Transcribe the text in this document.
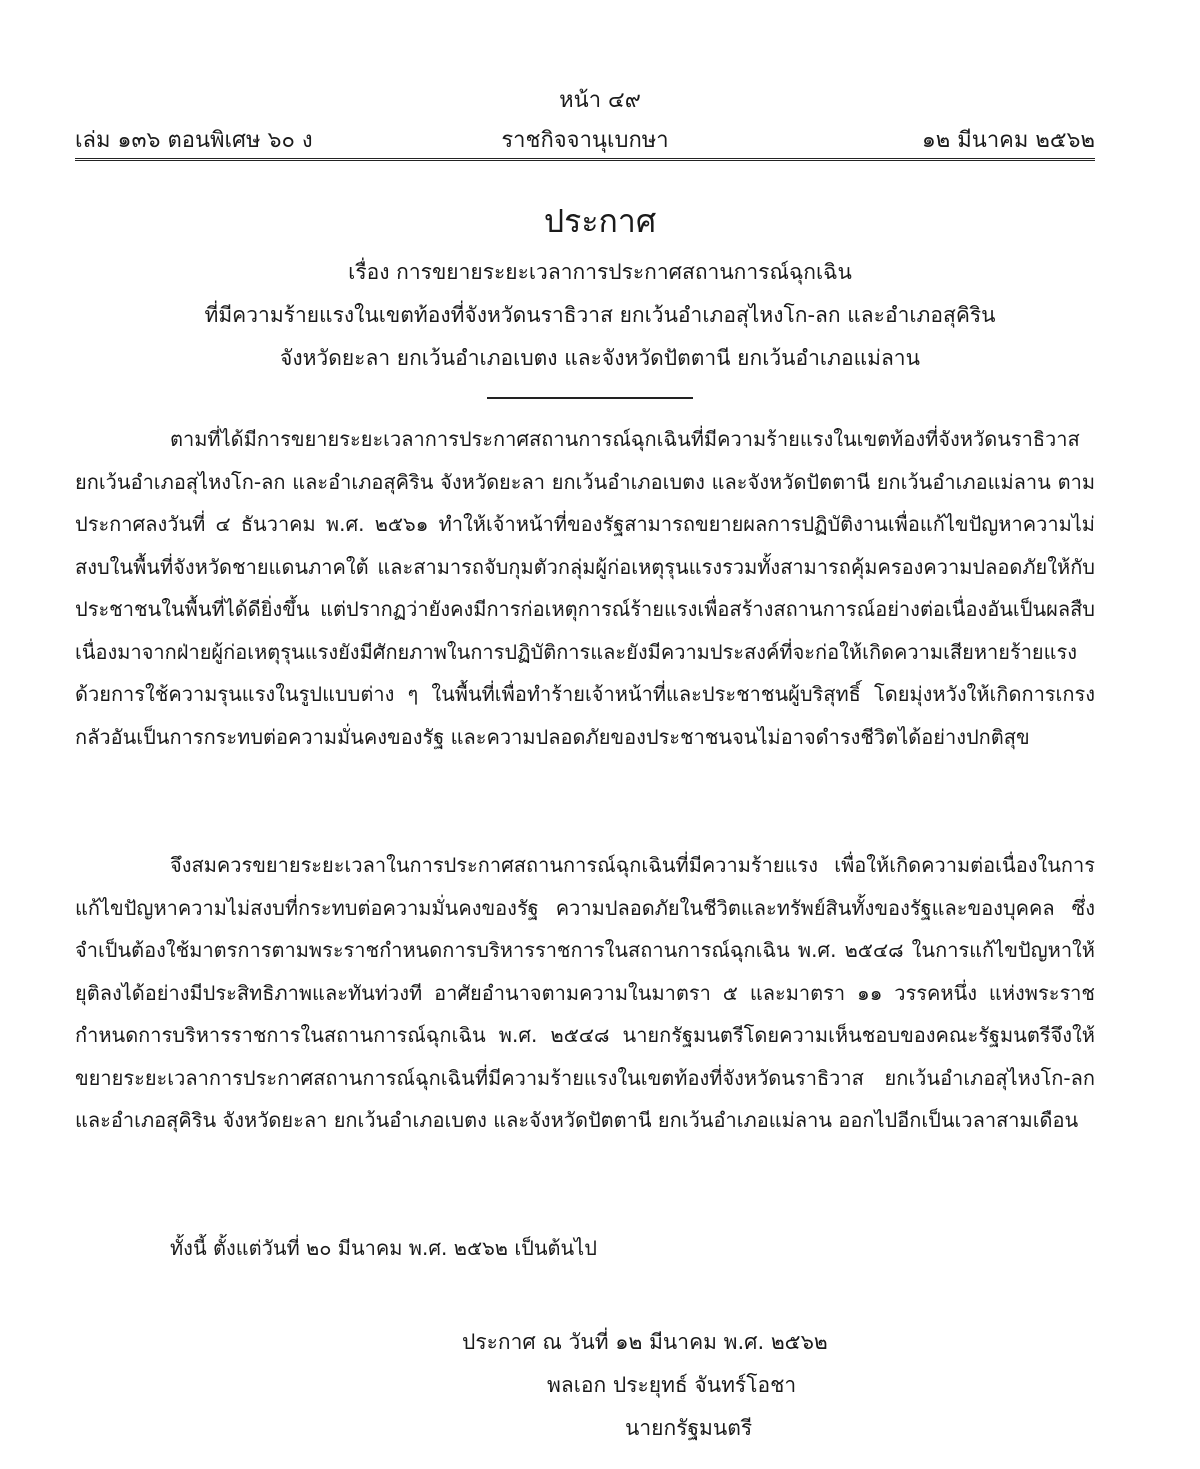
หน้า ๔๙
เล่ม ๑๓๖ ตอนพิเศษ ๖๐ ง	ราชกิจจานุเบกษา	๑๒ มีนาคม ๒๕๖๒
ประกาศ
เรื่อง การขยายระยะเวลาการประกาศสถานการณ์ฉุกเฉิน
ที่มีความร้ายแรงในเขตท้องที่จังหวัดนราธิวาส ยกเว้นอำเภอสุไหงโก-ลก และอำเภอสุคิริน
จังหวัดยะลา ยกเว้นอำเภอเบตง และจังหวัดปัตตานี ยกเว้นอำเภอแม่ลาน

ตามที่ได้มีการขยายระยะเวลาการประกาศสถานการณ์ฉุกเฉินที่มีความร้ายแรงในเขตท้องที่จังหวัดนราธิวาส ยกเว้นอำเภอสุไหงโก-ลก และอำเภอสุคิริน จังหวัดยะลา ยกเว้นอำเภอเบตง และจังหวัดปัตตานี ยกเว้นอำเภอแม่ลาน ตามประกาศลงวันที่ ๔ ธันวาคม พ.ศ. ๒๕๖๑ ทำให้เจ้าหน้าที่ของรัฐสามารถขยายผลการปฏิบัติงานเพื่อแก้ไขปัญหาความไม่สงบในพื้นที่จังหวัดชายแดนภาคใต้ และสามารถจับกุมตัวกลุ่มผู้ก่อเหตุรุนแรงรวมทั้งสามารถคุ้มครองความปลอดภัยให้กับประชาชนในพื้นที่ได้ดียิ่งขึ้น แต่ปรากฏว่ายังคงมีการก่อเหตุการณ์ร้ายแรงเพื่อสร้างสถานการณ์อย่างต่อเนื่องอันเป็นผลสืบเนื่องมาจากฝ่ายผู้ก่อเหตุรุนแรงยังมีศักยภาพในการปฏิบัติการและยังมีความประสงค์ที่จะก่อให้เกิดความเสียหายร้ายแรงด้วยการใช้ความรุนแรงในรูปแบบต่าง ๆ ในพื้นที่เพื่อทำร้ายเจ้าหน้าที่และประชาชนผู้บริสุทธิ์ โดยมุ่งหวังให้เกิดการเกรงกลัวอันเป็นการกระทบต่อความมั่นคงของรัฐ และความปลอดภัยของประชาชนจนไม่อาจดำรงชีวิตได้อย่างปกติสุข

จึงสมควรขยายระยะเวลาในการประกาศสถานการณ์ฉุกเฉินที่มีความร้ายแรง เพื่อให้เกิดความต่อเนื่องในการแก้ไขปัญหาความไม่สงบที่กระทบต่อความมั่นคงของรัฐ ความปลอดภัยในชีวิตและทรัพย์สินทั้งของรัฐและของบุคคล ซึ่งจำเป็นต้องใช้มาตรการตามพระราชกำหนดการบริหารราชการในสถานการณ์ฉุกเฉิน พ.ศ. ๒๕๔๘ ในการแก้ไขปัญหาให้ยุติลงได้อย่างมีประสิทธิภาพและทันท่วงที อาศัยอำนาจตามความในมาตรา ๕ และมาตรา ๑๑ วรรคหนึ่ง แห่งพระราชกำหนดการบริหารราชการในสถานการณ์ฉุกเฉิน พ.ศ. ๒๕๔๘ นายกรัฐมนตรีโดยความเห็นชอบของคณะรัฐมนตรีจึงให้ขยายระยะเวลาการประกาศสถานการณ์ฉุกเฉินที่มีความร้ายแรงในเขตท้องที่จังหวัดนราธิวาส ยกเว้นอำเภอสุไหงโก-ลก และอำเภอสุคิริน จังหวัดยะลา ยกเว้นอำเภอเบตง และจังหวัดปัตตานี ยกเว้นอำเภอแม่ลาน ออกไปอีกเป็นเวลาสามเดือน

ทั้งนี้ ตั้งแต่วันที่ ๒๐ มีนาคม พ.ศ. ๒๕๖๒ เป็นต้นไป

ประกาศ ณ วันที่ ๑๒ มีนาคม พ.ศ. ๒๕๖๒
พลเอก ประยุทธ์ จันทร์โอชา
นายกรัฐมนตรี
